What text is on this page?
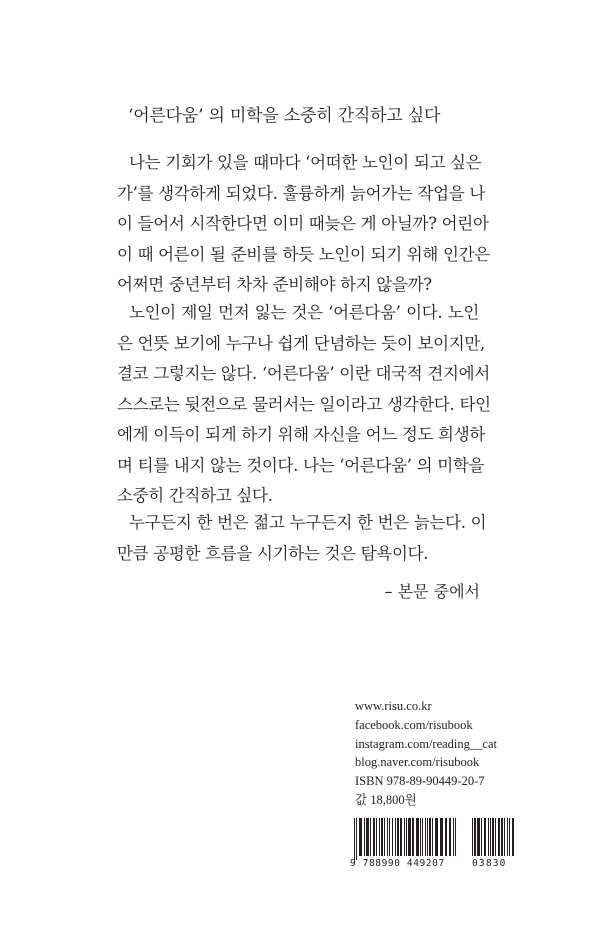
‘어른다움’ 의 미학을 소중히 간직하고 싶다
나는 기회가 있을 때마다 ‘어떠한 노인이 되고 싶은
가’를 생각하게 되었다. 훌륭하게 늙어가는 작업을 나
이 들어서 시작한다면 이미 때늦은 게 아닐까? 어린아
이 때 어른이 될 준비를 하듯 노인이 되기 위해 인간은
어쩌면 중년부터 차차 준비해야 하지 않을까?
노인이 제일 먼저 잃는 것은 ‘어른다움’ 이다. 노인
은 언뜻 보기에 누구나 쉽게 단념하는 듯이 보이지만,
결코 그렇지는 않다. ‘어른다움’ 이란 대국적 견지에서
스스로는 뒷전으로 물러서는 일이라고 생각한다. 타인
에게 이득이 되게 하기 위해 자신을 어느 정도 희생하
며 티를 내지 않는 것이다. 나는 ‘어른다움’ 의 미학을
소중히 간직하고 싶다.
누구든지 한 번은 젊고 누구든지 한 번은 늙는다. 이
만큼 공평한 흐름을 시기하는 것은 탐욕이다.
– 본문 중에서
www.risu.co.kr
facebook.com/risubook
instagram.com/reading__cat
blog.naver.com/risubook
ISBN 978-89-90449-20-7
값 18,800원
9 788990 449207	03830
